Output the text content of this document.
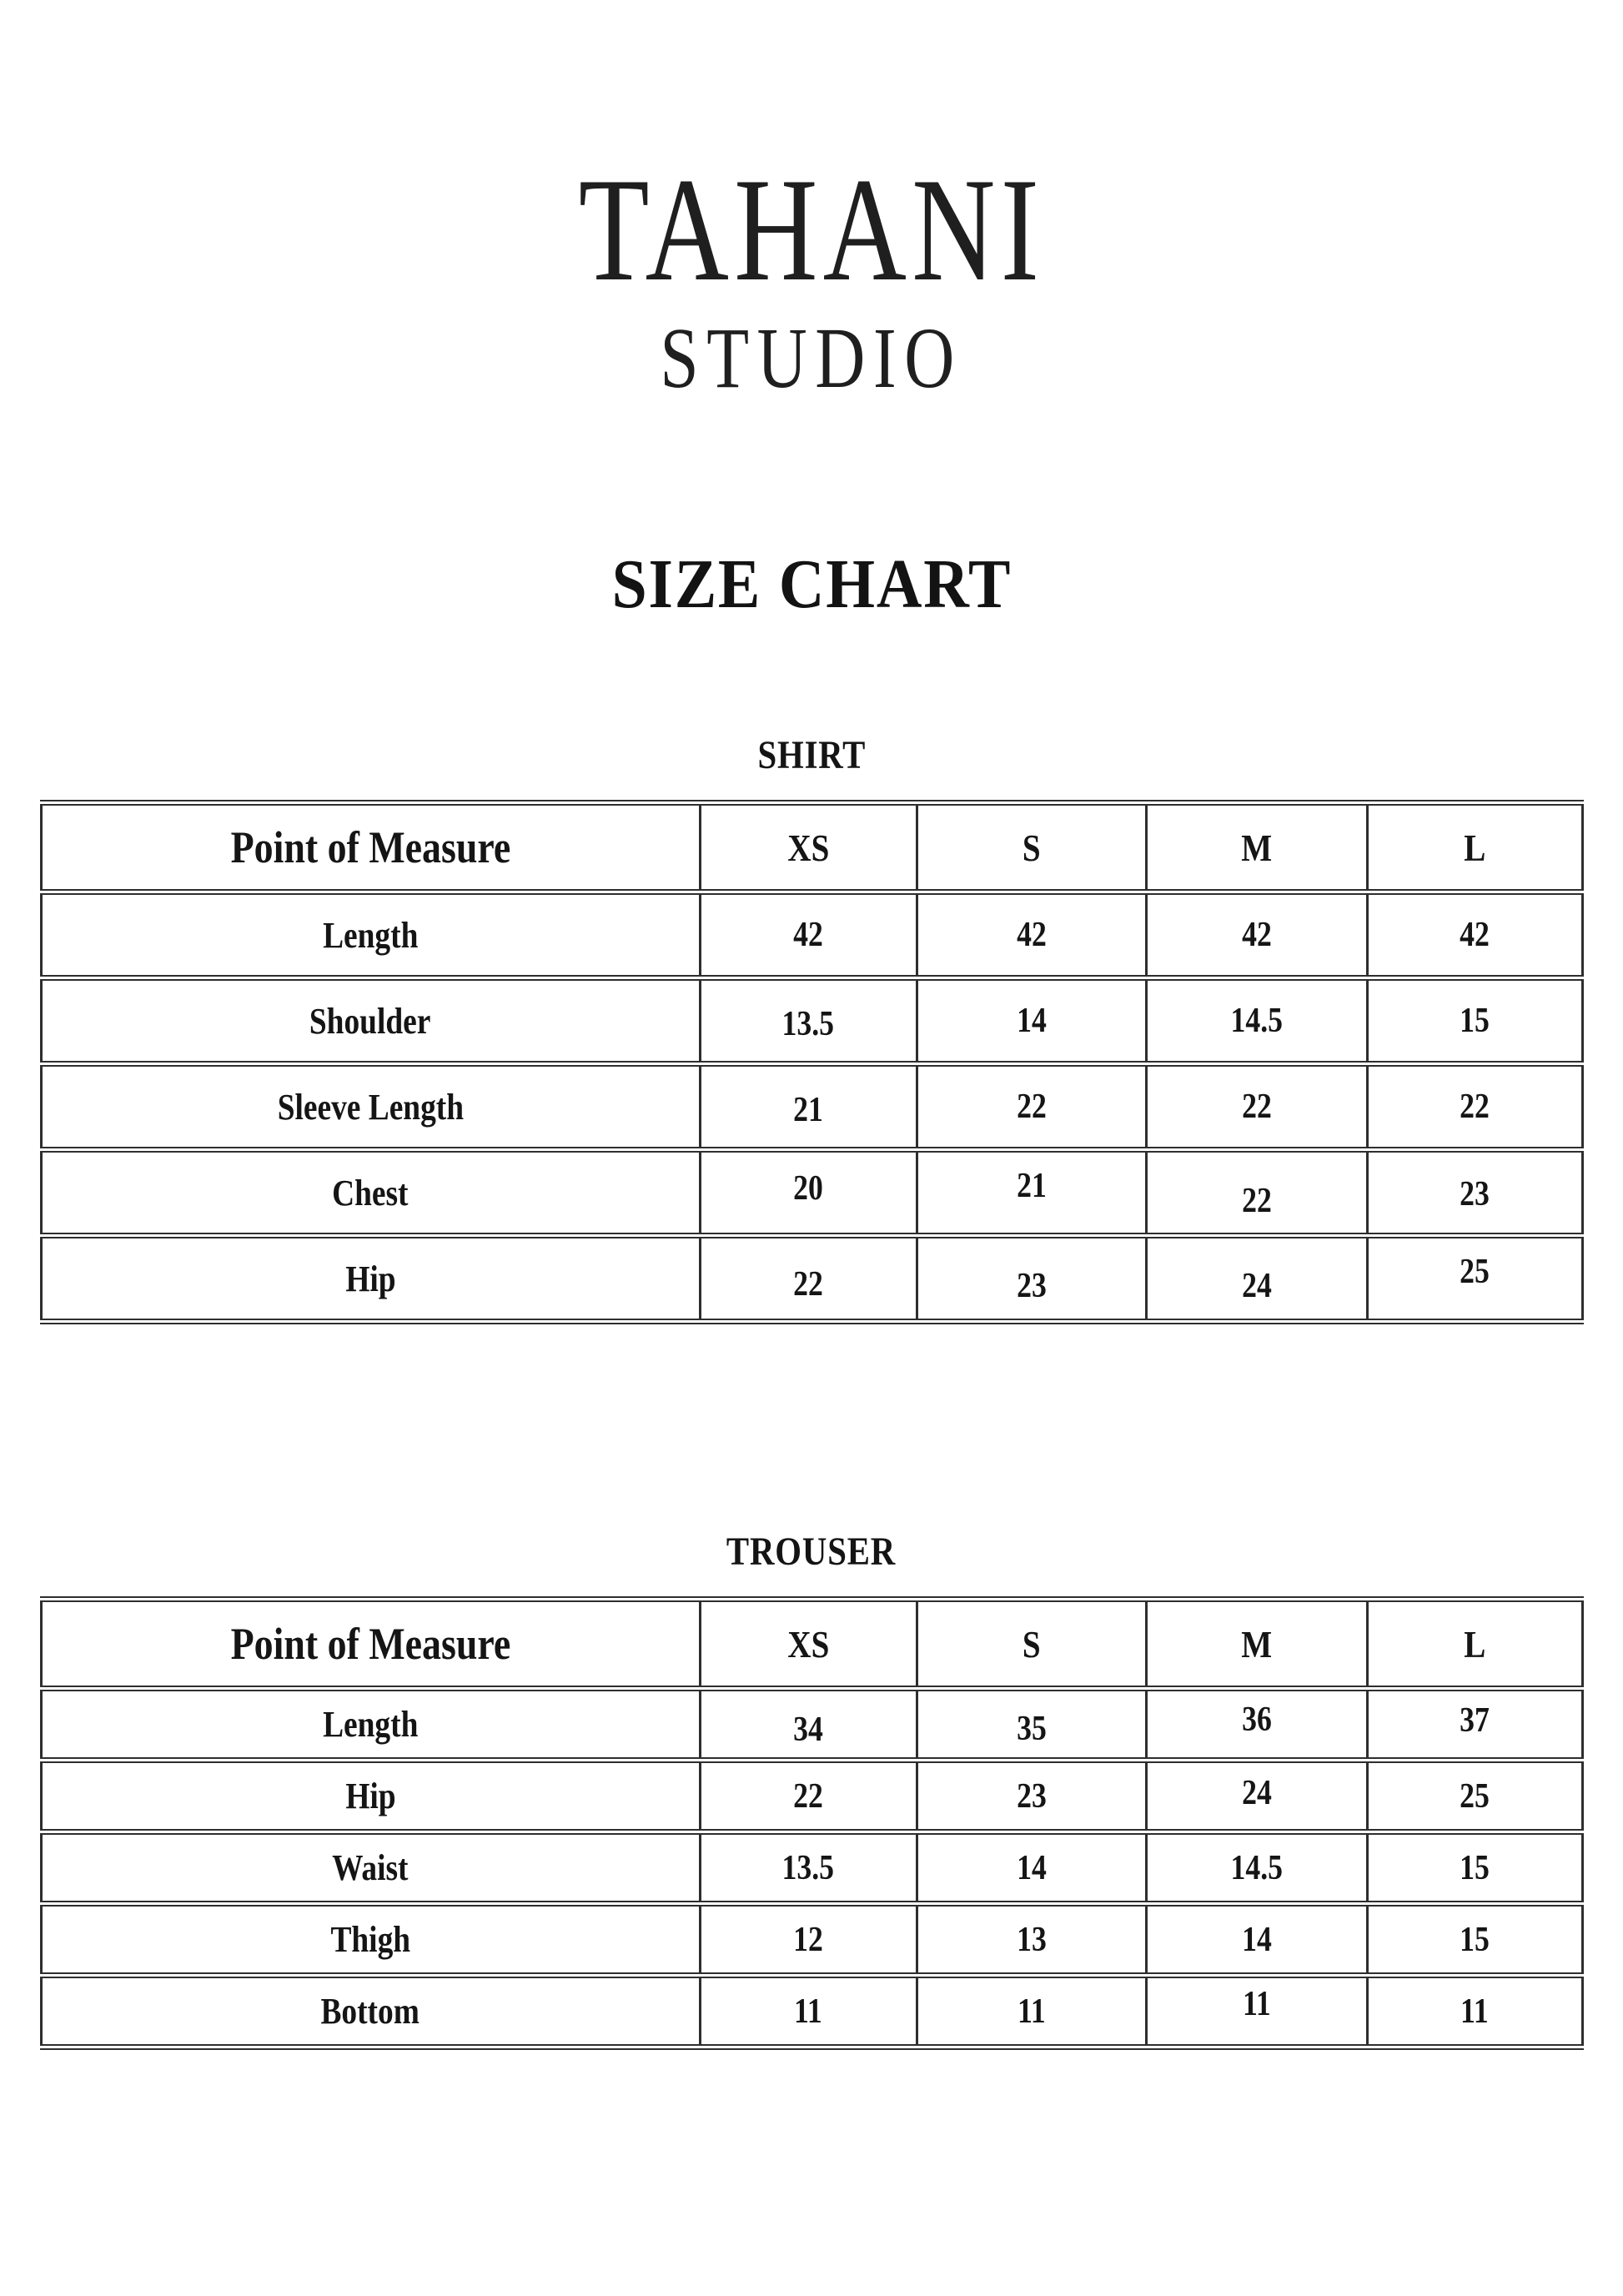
TAHANI
STUDIO
SIZE CHART
SHIRT
Point of Measure	XS	S	M	L
Length	42	42	42	42
Shoulder	13.5	14	14.5	15
Sleeve Length	21	22	22	22
Chest	20	21	22	23
Hip	22	23	24	25
TROUSER
Point of Measure	XS	S	M	L
Length	34	35	36	37
Hip	22	23	24	25
Waist	13.5	14	14.5	15
Thigh	12	13	14	15
Bottom	11	11	11	11
